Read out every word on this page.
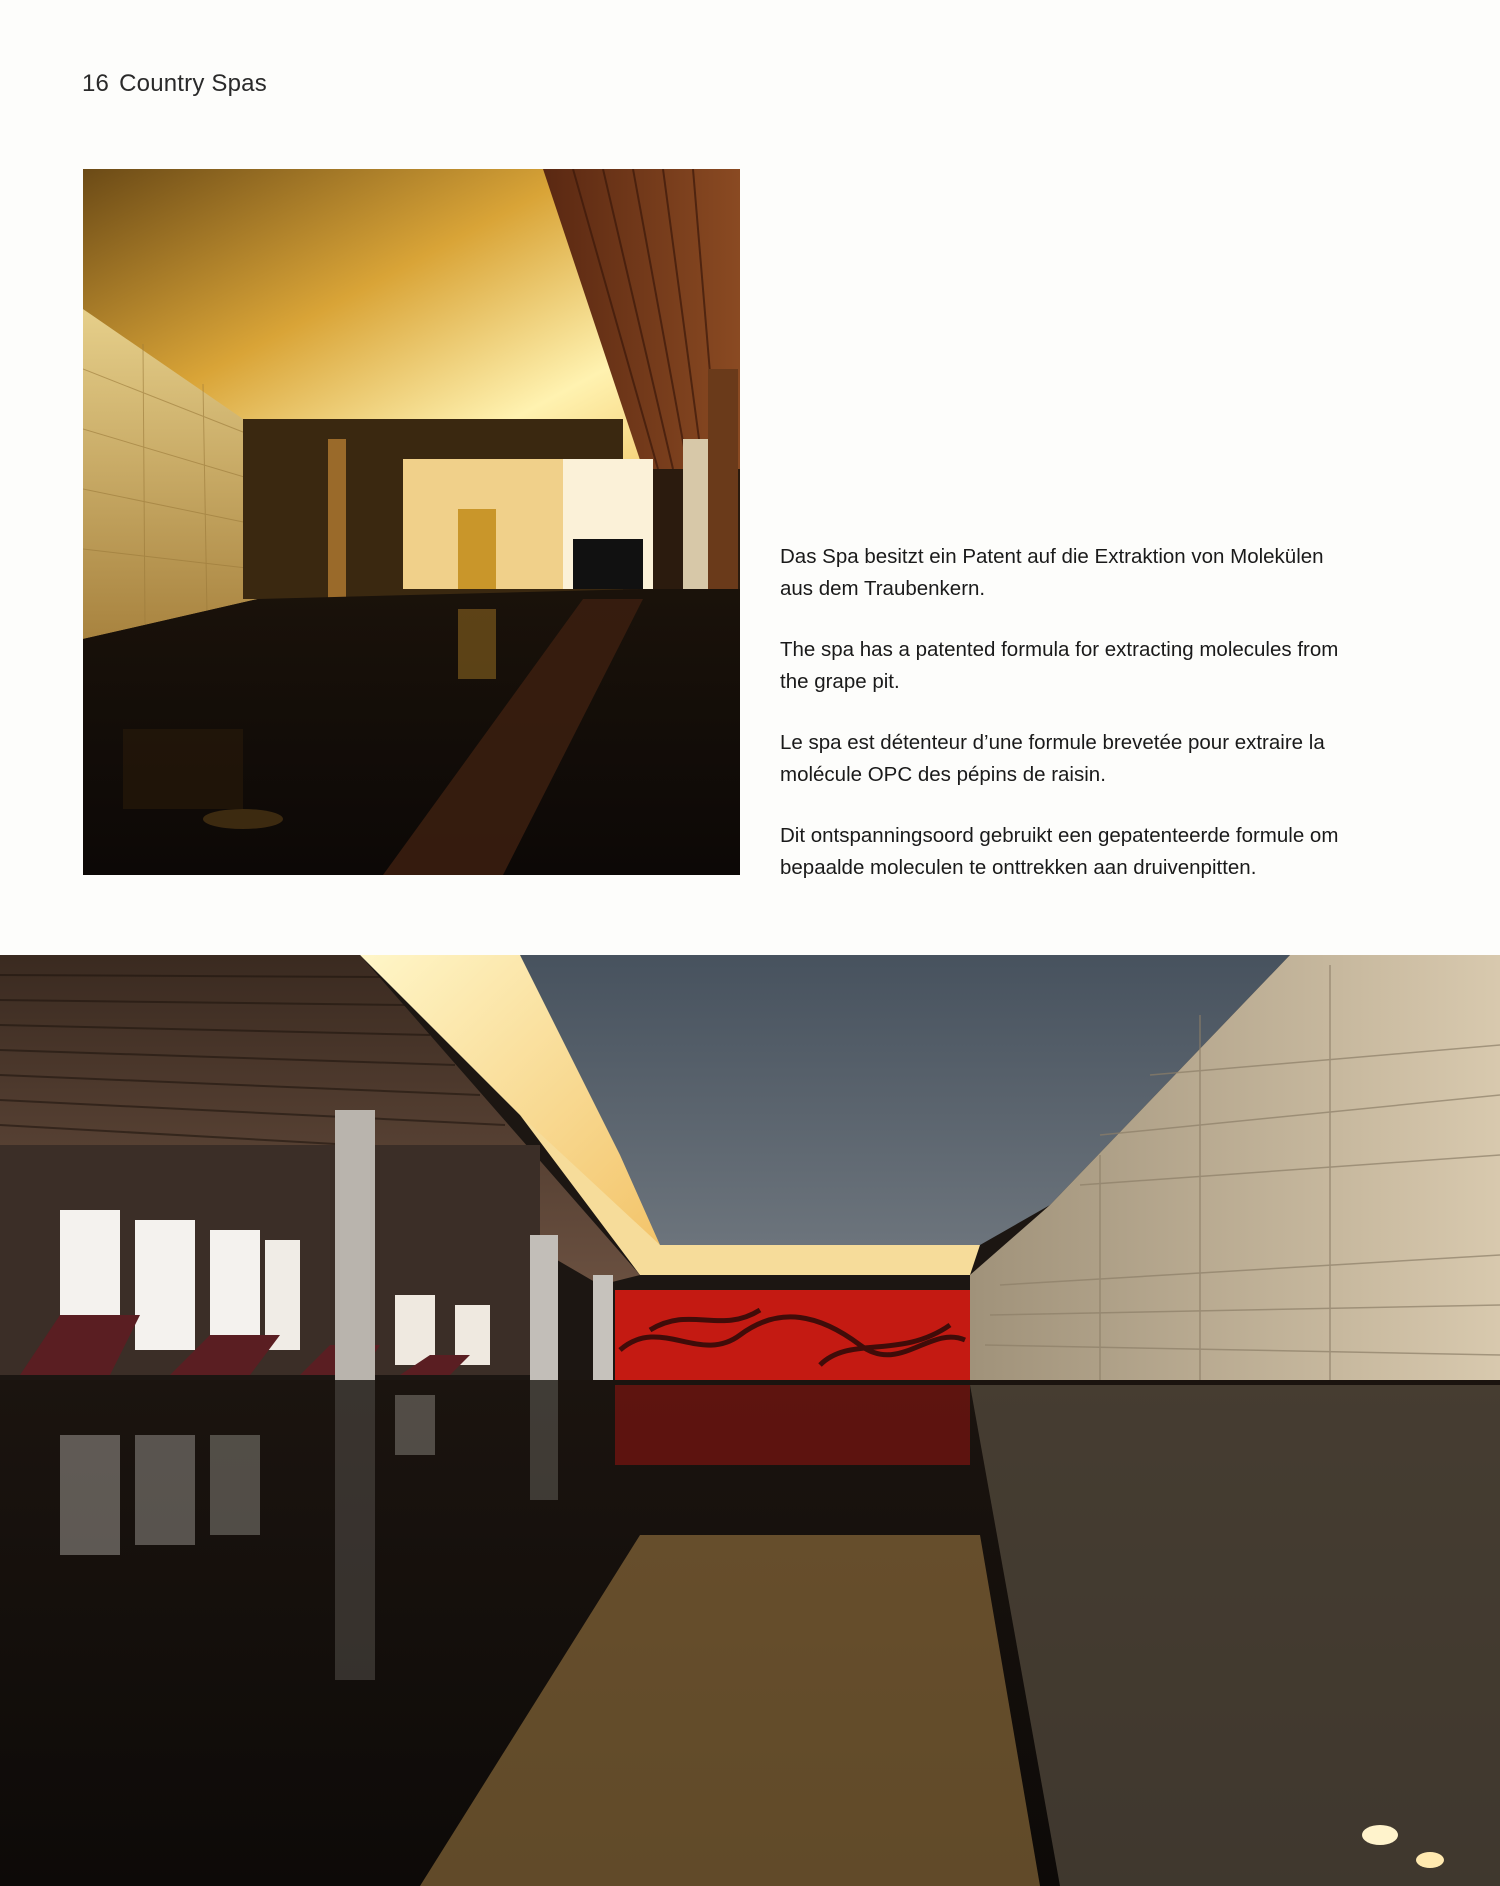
16 Country Spas

Das Spa besitzt ein Patent auf die Extraktion von Molekülen aus dem Traubenkern.

The spa has a patented formula for extracting molecules from the grape pit.

Le spa est détenteur d’une formule brevetée pour extraire la molécule OPC des pépins de raisin.

Dit ontspanningsoord gebruikt een gepatenteerde formule om bepaalde moleculen te onttrekken aan druivenpitten.
